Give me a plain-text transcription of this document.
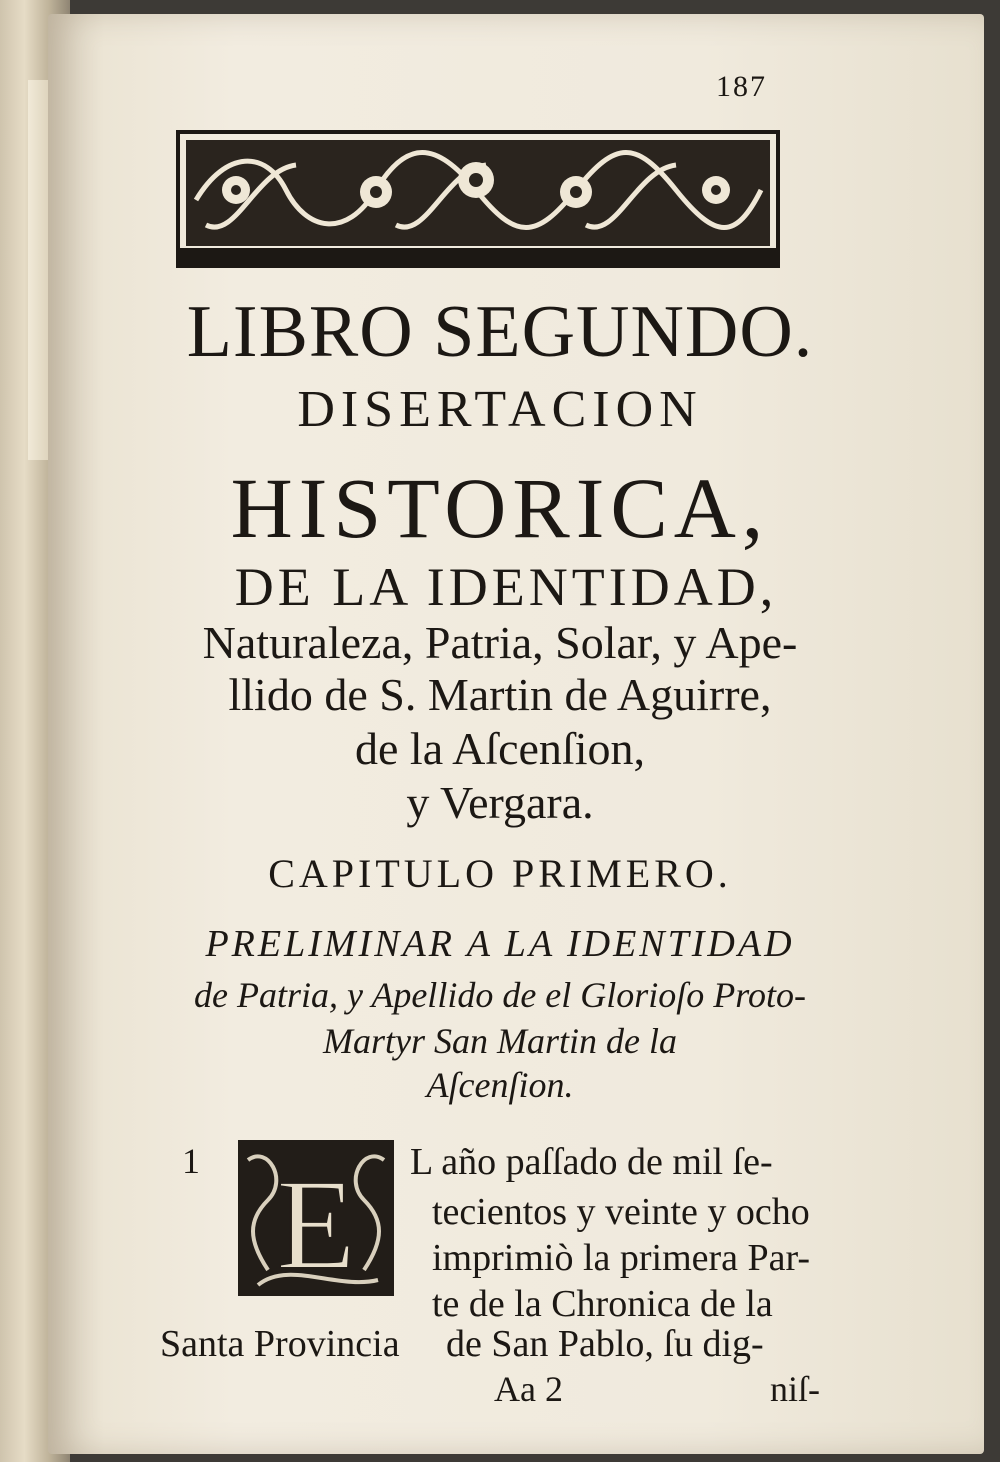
187
LIBRO SEGUNDO.
DISERTACION
HISTORICA,
DE LA IDENTIDAD,
Naturaleza, Patria, Solar, y Ape-
llido de S. Martin de Aguirre,
de la Aſcenſion,
y Vergara.
CAPITULO PRIMERO.
PRELIMINAR A LA IDENTIDAD
de Patria, y Apellido de el Glorioſo Proto-
Martyr San Martin de la
Aſcenſion.
1 E L año paſſado de mil ſe-
tecientos y veinte y ocho
imprimiò la primera Par-
te de la Chronica de la
Santa Provincia de San Pablo, ſu dig-
Aa 2	niſ-
